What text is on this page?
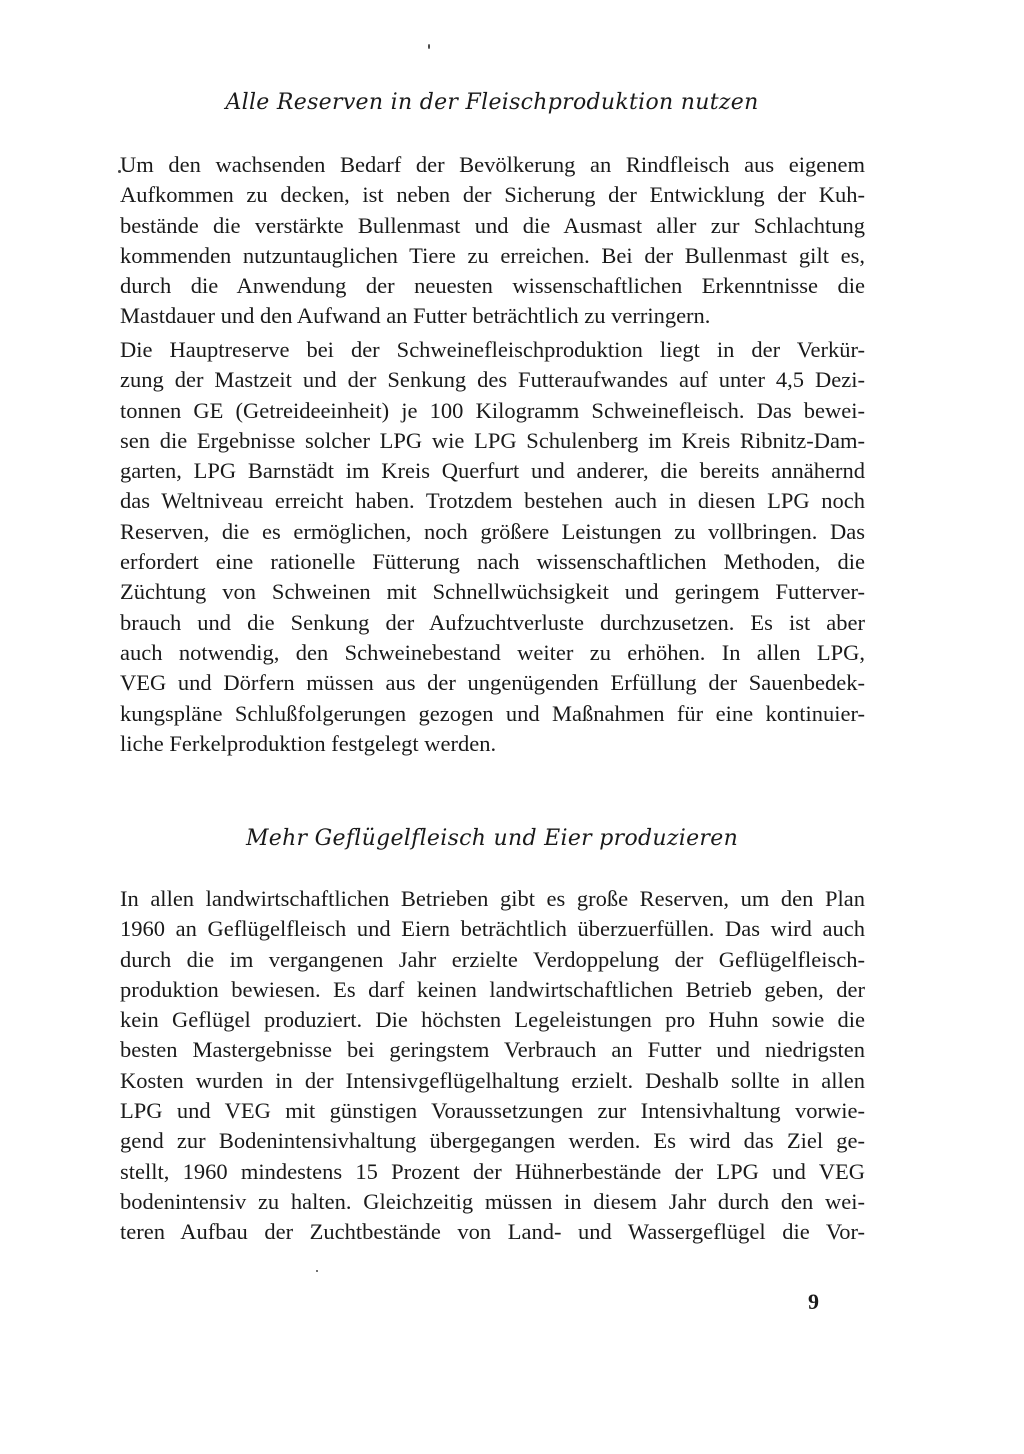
Alle Reserven in der Fleischproduktion nutzen

Um den wachsenden Bedarf der Bevölkerung an Rindfleisch aus eigenem
Aufkommen zu decken, ist neben der Sicherung der Entwicklung der Kuh-
bestände die verstärkte Bullenmast und die Ausmast aller zur Schlachtung
kommenden nutzuntauglichen Tiere zu erreichen. Bei der Bullenmast gilt es,
durch die Anwendung der neuesten wissenschaftlichen Erkenntnisse die
Mastdauer und den Aufwand an Futter beträchtlich zu verringern.

Die Hauptreserve bei der Schweinefleischproduktion liegt in der Verkür-
zung der Mastzeit und der Senkung des Futteraufwandes auf unter 4,5 Dezi-
tonnen GE (Getreideeinheit) je 100 Kilogramm Schweinefleisch. Das bewei-
sen die Ergebnisse solcher LPG wie LPG Schulenberg im Kreis Ribnitz-Dam-
garten, LPG Barnstädt im Kreis Querfurt und anderer, die bereits annähernd
das Weltniveau erreicht haben. Trotzdem bestehen auch in diesen LPG noch
Reserven, die es ermöglichen, noch größere Leistungen zu vollbringen. Das
erfordert eine rationelle Fütterung nach wissenschaftlichen Methoden, die
Züchtung von Schweinen mit Schnellwüchsigkeit und geringem Futterver-
brauch und die Senkung der Aufzuchtverluste durchzusetzen. Es ist aber
auch notwendig, den Schweinebestand weiter zu erhöhen. In allen LPG,
VEG und Dörfern müssen aus der ungenügenden Erfüllung der Sauenbedek-
kungspläne Schlußfolgerungen gezogen und Maßnahmen für eine kontinuier-
liche Ferkelproduktion festgelegt werden.

Mehr Geflügelfleisch und Eier produzieren

In allen landwirtschaftlichen Betrieben gibt es große Reserven, um den Plan
1960 an Geflügelfleisch und Eiern beträchtlich überzuerfüllen. Das wird auch
durch die im vergangenen Jahr erzielte Verdoppelung der Geflügelfleisch-
produktion bewiesen. Es darf keinen landwirtschaftlichen Betrieb geben, der
kein Geflügel produziert. Die höchsten Legeleistungen pro Huhn sowie die
besten Mastergebnisse bei geringstem Verbrauch an Futter und niedrigsten
Kosten wurden in der Intensivgeflügelhaltung erzielt. Deshalb sollte in allen
LPG und VEG mit günstigen Voraussetzungen zur Intensivhaltung vorwie-
gend zur Bodenintensivhaltung übergegangen werden. Es wird das Ziel ge-
stellt, 1960 mindestens 15 Prozent der Hühnerbestände der LPG und VEG
bodenintensiv zu halten. Gleichzeitig müssen in diesem Jahr durch den wei-
teren Aufbau der Zuchtbestände von Land- und Wassergeflügel die Vor-

9
